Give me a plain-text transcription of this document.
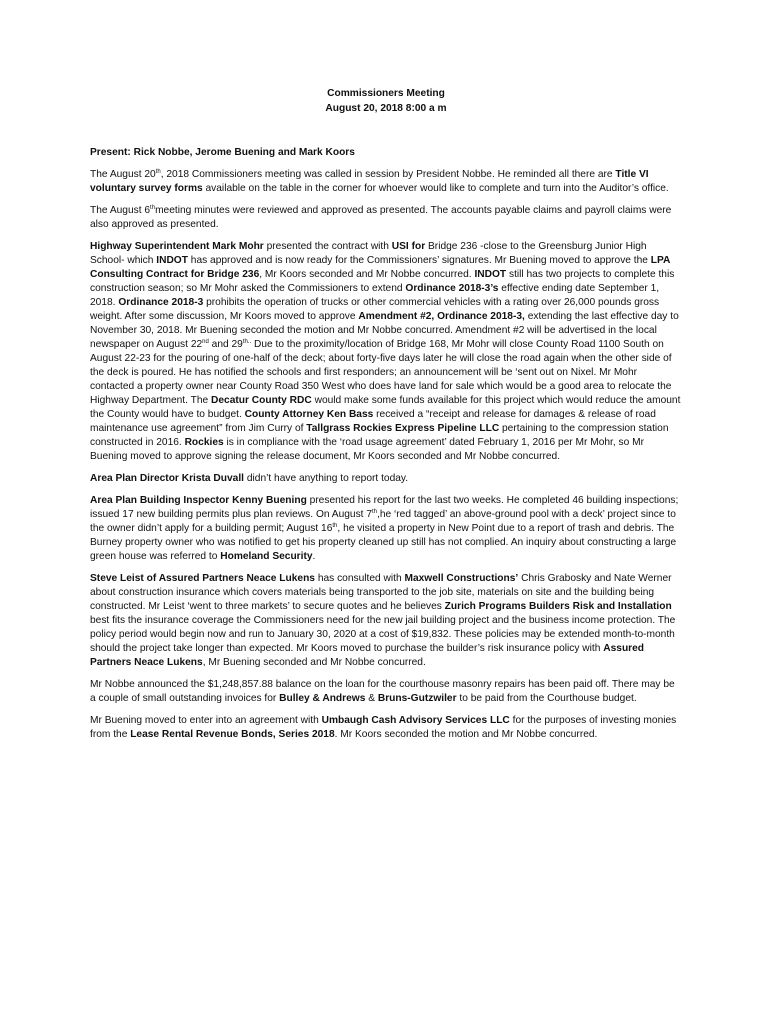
Commissioners Meeting
August 20, 2018 8:00 a m

Present: Rick Nobbe, Jerome Buening and Mark Koors

The August 20th, 2018 Commissioners meeting was called in session by President Nobbe. He reminded all there are Title VI voluntary survey forms available on the table in the corner for whoever would like to complete and turn into the Auditor’s office.

The August 6thmeeting minutes were reviewed and approved as presented. The accounts payable claims and payroll claims were also approved as presented.

Highway Superintendent Mark Mohr presented the contract with USI for Bridge 236 -close to the Greensburg Junior High School- which INDOT has approved and is now ready for the Commissioners’ signatures. Mr Buening moved to approve the LPA Consulting Contract for Bridge 236, Mr Koors seconded and Mr Nobbe concurred. INDOT still has two projects to complete this construction season; so Mr Mohr asked the Commissioners to extend Ordinance 2018-3’s effective ending date September 1, 2018. Ordinance 2018-3 prohibits the operation of trucks or other commercial vehicles with a rating over 26,000 pounds gross weight. After some discussion, Mr Koors moved to approve Amendment #2, Ordinance 2018-3, extending the last effective day to November 30, 2018. Mr Buening seconded the motion and Mr Nobbe concurred. Amendment #2 will be advertised in the local newspaper on August 22nd and $29^{th..}$ Due to the proximity/location of Bridge 168, Mr Mohr will close County Road 1100 South on August 22-23 for the pouring of one-half of the deck; about forty-five days later he will close the road again when the other side of the deck is poured. He has notified the schools and first responders; an announcement will be ‘sent out on Nixel. Mr Mohr contacted a property owner near County Road 350 West who does have land for sale which would be a good area to relocate the Highway Department. The Decatur County RDC would make some funds available for this project which would reduce the amount the County would have to budget. County Attorney Ken Bass received a “receipt and release for damages & release of road maintenance use agreement” from Jim Curry of Tallgrass Rockies Express Pipeline LLC pertaining to the compression station constructed in 2016. Rockies is in compliance with the ‘road usage agreement’ dated February 1, 2016 per Mr Mohr, so Mr Buening moved to approve signing the release document, Mr Koors seconded and Mr Nobbe concurred.

Area Plan Director Krista Duvall didn’t have anything to report today.

Area Plan Building Inspector Kenny Buening presented his report for the last two weeks. He completed 46 building inspections; issued 17 new building permits plus plan reviews. On August 7th,he ‘red tagged’ an above-ground pool with a deck’ project since to the owner didn’t apply for a building permit; August 16th, he visited a property in New Point due to a report of trash and debris. The Burney property owner who was notified to get his property cleaned up still has not complied. An inquiry about constructing a large green house was referred to Homeland Security.

Steve Leist of Assured Partners Neace Lukens has consulted with Maxwell Constructions’ Chris Grabosky and Nate Werner about construction insurance which covers materials being transported to the job site, materials on site and the building being constructed. Mr Leist ‘went to three markets’ to secure quotes and he believes Zurich Programs Builders Risk and Installation best fits the insurance coverage the Commissioners need for the new jail building project and the business income protection. The policy period would begin now and run to January 30, 2020 at a cost of $19,832. These policies may be extended month-to-month should the project take longer than expected. Mr Koors moved to purchase the builder’s risk insurance policy with Assured Partners Neace Lukens, Mr Buening seconded and Mr Nobbe concurred.

Mr Nobbe announced the $1,248,857.88 balance on the loan for the courthouse masonry repairs has been paid off. There may be a couple of small outstanding invoices for Bulley & Andrews & Bruns-Gutzwiler to be paid from the Courthouse budget.

Mr Buening moved to enter into an agreement with Umbaugh Cash Advisory Services LLC for the purposes of investing monies from the Lease Rental Revenue Bonds, Series 2018. Mr Koors seconded the motion and Mr Nobbe concurred.
